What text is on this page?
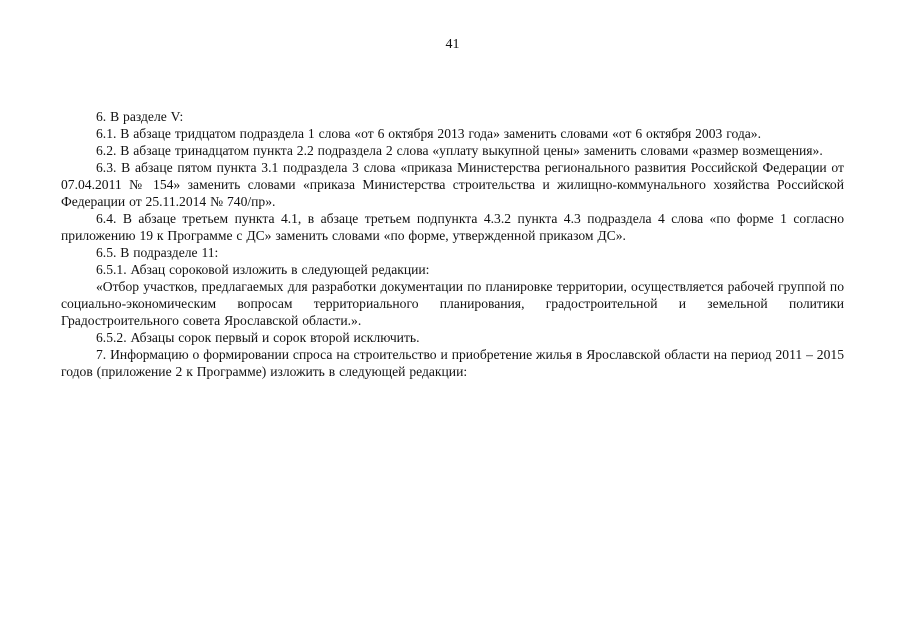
41

6. В разделе V:

6.1. В абзаце тридцатом подраздела 1 слова «от 6 октября 2013 года» заменить словами «от 6 октября 2003 года».

6.2. В абзаце тринадцатом пункта 2.2 подраздела 2 слова «уплату выкупной цены» заменить словами «размер возмещения».

6.3. В абзаце пятом пункта 3.1 подраздела 3 слова «приказа Министерства регионального развития Российской Федерации от 07.04.2011 № 154» заменить словами «приказа Министерства строительства и жилищно-коммунального хозяйства Российской Федерации от 25.11.2014 № 740/пр».

6.4. В абзаце третьем пункта 4.1, в абзаце третьем подпункта 4.3.2 пункта 4.3 подраздела 4 слова «по форме 1 согласно приложению 19 к Программе с ДС» заменить словами «по форме, утвержденной приказом ДС».

6.5. В подразделе 11:

6.5.1. Абзац сороковой изложить в следующей редакции:

«Отбор участков, предлагаемых для разработки документации по планировке территории, осуществляется рабочей группой по социально-экономическим вопросам территориального планирования, градостроительной и земельной политики Градостроительного совета Ярославской области.».

6.5.2. Абзацы сорок первый и сорок второй исключить.

7. Информацию о формировании спроса на строительство и приобретение жилья в Ярославской области на период 2011 – 2015 годов (приложение 2 к Программе) изложить в следующей редакции:
